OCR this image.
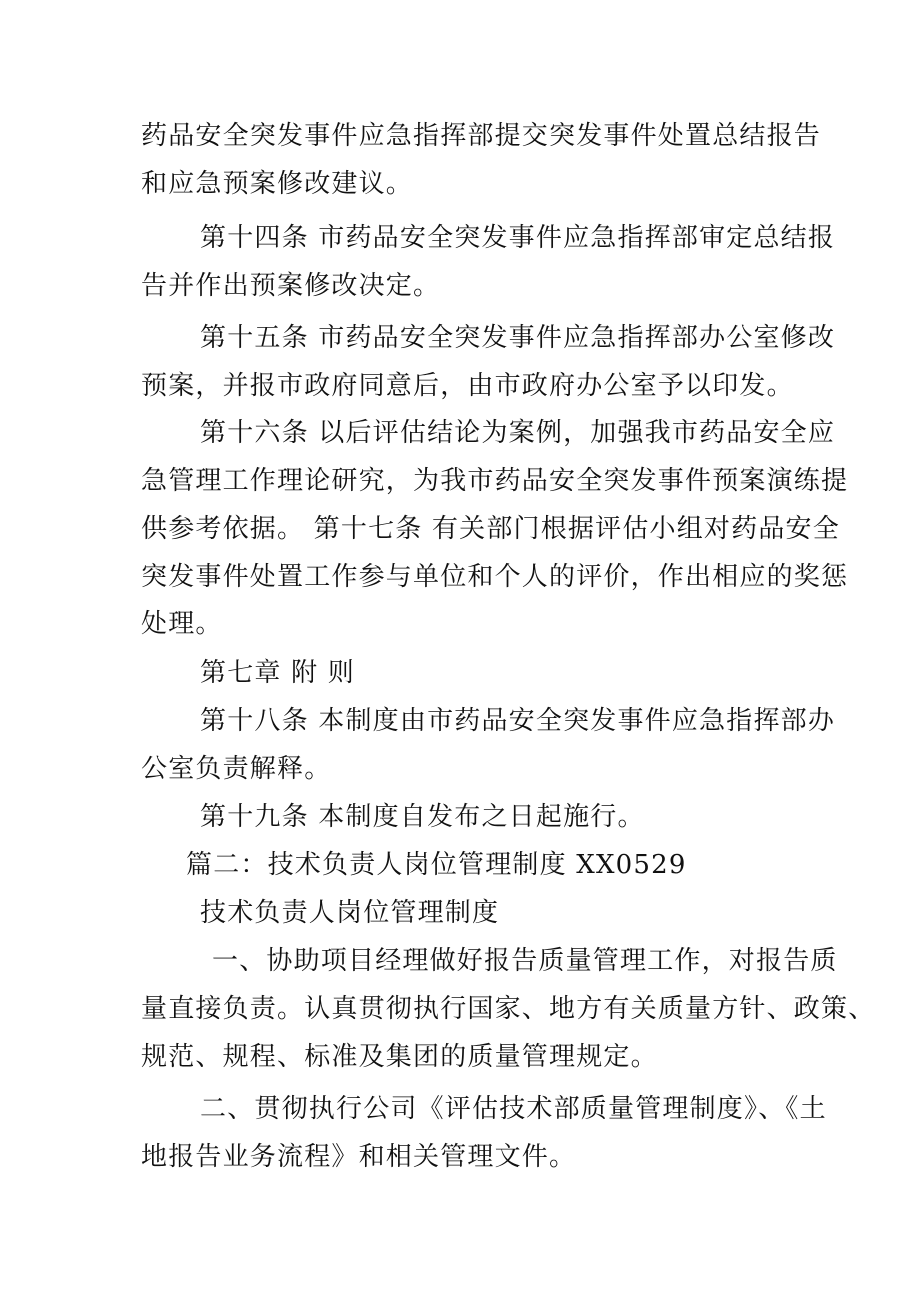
药品安全突发事件应急指挥部提交突发事件处置总结报告

和应急预案修改建议。

第十四条 市药品安全突发事件应急指挥部审定总结报

告并作出预案修改决定。

第十五条 市药品安全突发事件应急指挥部办公室修改

预案，并报市政府同意后，由市政府办公室予以印发。

第十六条 以后评估结论为案例，加强我市药品安全应

急管理工作理论研究，为我市药品安全突发事件预案演练提

供参考依据。 第十七条 有关部门根据评估小组对药品安全

突发事件处置工作参与单位和个人的评价，作出相应的奖惩

处理。

第七章 附 则

第十八条 本制度由市药品安全突发事件应急指挥部办

公室负责解释。

第十九条 本制度自发布之日起施行。

篇二：技术负责人岗位管理制度 XX0529

技术负责人岗位管理制度

一、协助项目经理做好报告质量管理工作，对报告质

量直接负责。认真贯彻执行国家、地方有关质量方针、政策、

规范、规程、标准及集团的质量管理规定。

二、贯彻执行公司《评估技术部质量管理制度》、《土

地报告业务流程》和相关管理文件。
